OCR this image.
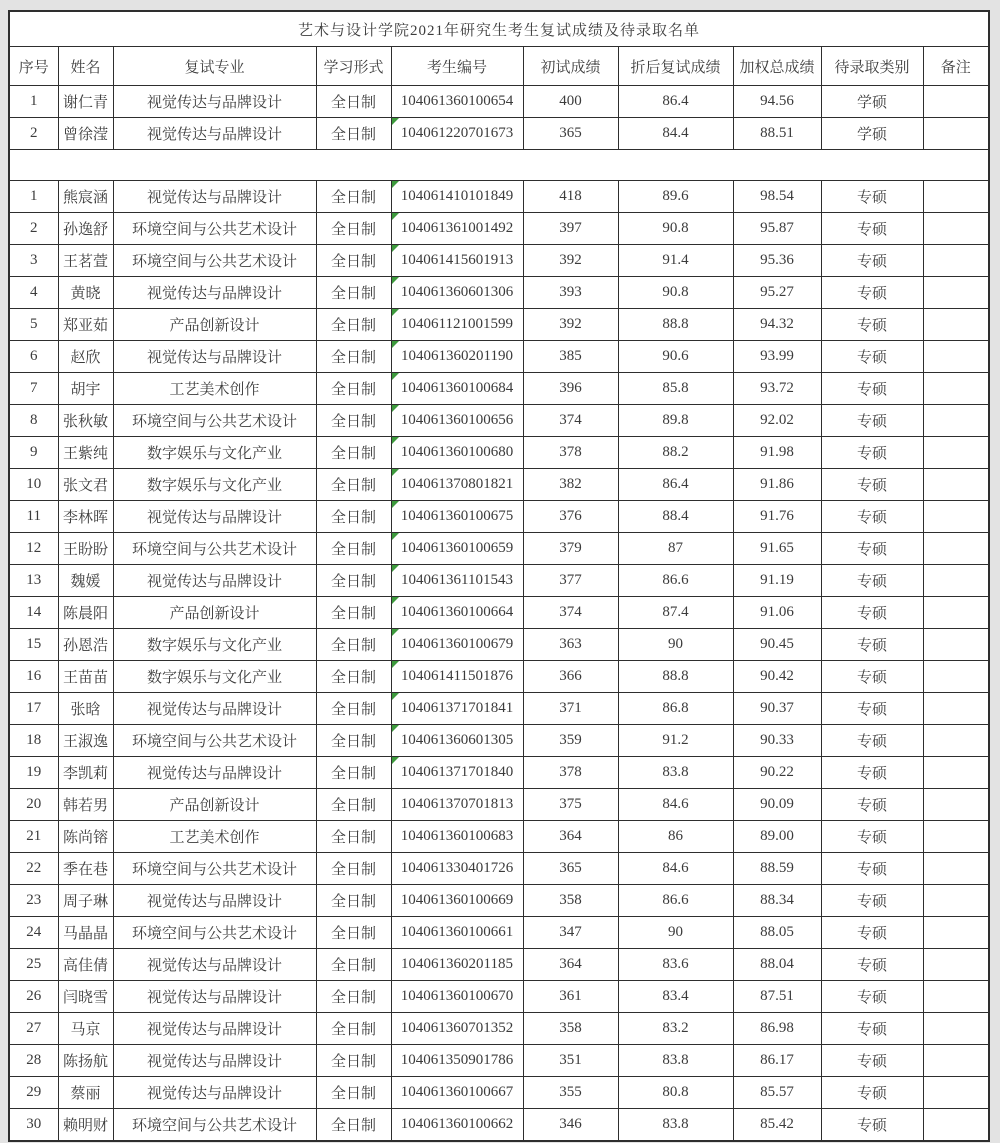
艺术与设计学院2021年研究生考生复试成绩及待录取名单									
序号	姓名	复试专业	学习形式	考生编号	初试成绩	折后复试成绩	加权总成绩	待录取类别	备注
1	谢仁青	视觉传达与品牌设计	全日制	104061360100654	400	86.4	94.56	学硕	
2	曾徐滢	视觉传达与品牌设计	全日制	104061220701673	365	84.4	88.51	学硕	

1	熊宸涵	视觉传达与品牌设计	全日制	104061410101849	418	89.6	98.54	专硕	
2	孙逸舒	环境空间与公共艺术设计	全日制	104061361001492	397	90.8	95.87	专硕	
3	王茗萱	环境空间与公共艺术设计	全日制	104061415601913	392	91.4	95.36	专硕	
4	黄晓	视觉传达与品牌设计	全日制	104061360601306	393	90.8	95.27	专硕	
5	郑亚茹	产品创新设计	全日制	104061121001599	392	88.8	94.32	专硕	
6	赵欣	视觉传达与品牌设计	全日制	104061360201190	385	90.6	93.99	专硕	
7	胡宇	工艺美术创作	全日制	104061360100684	396	85.8	93.72	专硕	
8	张秋敏	环境空间与公共艺术设计	全日制	104061360100656	374	89.8	92.02	专硕	
9	王紫纯	数字娱乐与文化产业	全日制	104061360100680	378	88.2	91.98	专硕	
10	张文君	数字娱乐与文化产业	全日制	104061370801821	382	86.4	91.86	专硕	
11	李林晖	视觉传达与品牌设计	全日制	104061360100675	376	88.4	91.76	专硕	
12	王盼盼	环境空间与公共艺术设计	全日制	104061360100659	379	87	91.65	专硕	
13	魏媛	视觉传达与品牌设计	全日制	104061361101543	377	86.6	91.19	专硕	
14	陈晨阳	产品创新设计	全日制	104061360100664	374	87.4	91.06	专硕	
15	孙恩浩	数字娱乐与文化产业	全日制	104061360100679	363	90	90.45	专硕	
16	王苗苗	数字娱乐与文化产业	全日制	104061411501876	366	88.8	90.42	专硕	
17	张晗	视觉传达与品牌设计	全日制	104061371701841	371	86.8	90.37	专硕	
18	王淑逸	环境空间与公共艺术设计	全日制	104061360601305	359	91.2	90.33	专硕	
19	李凯莉	视觉传达与品牌设计	全日制	104061371701840	378	83.8	90.22	专硕	
20	韩若男	产品创新设计	全日制	104061370701813	375	84.6	90.09	专硕	
21	陈尚镕	工艺美术创作	全日制	104061360100683	364	86	89.00	专硕	
22	季在巷	环境空间与公共艺术设计	全日制	104061330401726	365	84.6	88.59	专硕	
23	周子琳	视觉传达与品牌设计	全日制	104061360100669	358	86.6	88.34	专硕	
24	马晶晶	环境空间与公共艺术设计	全日制	104061360100661	347	90	88.05	专硕	
25	高佳倩	视觉传达与品牌设计	全日制	104061360201185	364	83.6	88.04	专硕	
26	闫晓雪	视觉传达与品牌设计	全日制	104061360100670	361	83.4	87.51	专硕	
27	马京	视觉传达与品牌设计	全日制	104061360701352	358	83.2	86.98	专硕	
28	陈扬航	视觉传达与品牌设计	全日制	104061350901786	351	83.8	86.17	专硕	
29	蔡丽	视觉传达与品牌设计	全日制	104061360100667	355	80.8	85.57	专硕	
30	赖明财	环境空间与公共艺术设计	全日制	104061360100662	346	83.8	85.42	专硕	
